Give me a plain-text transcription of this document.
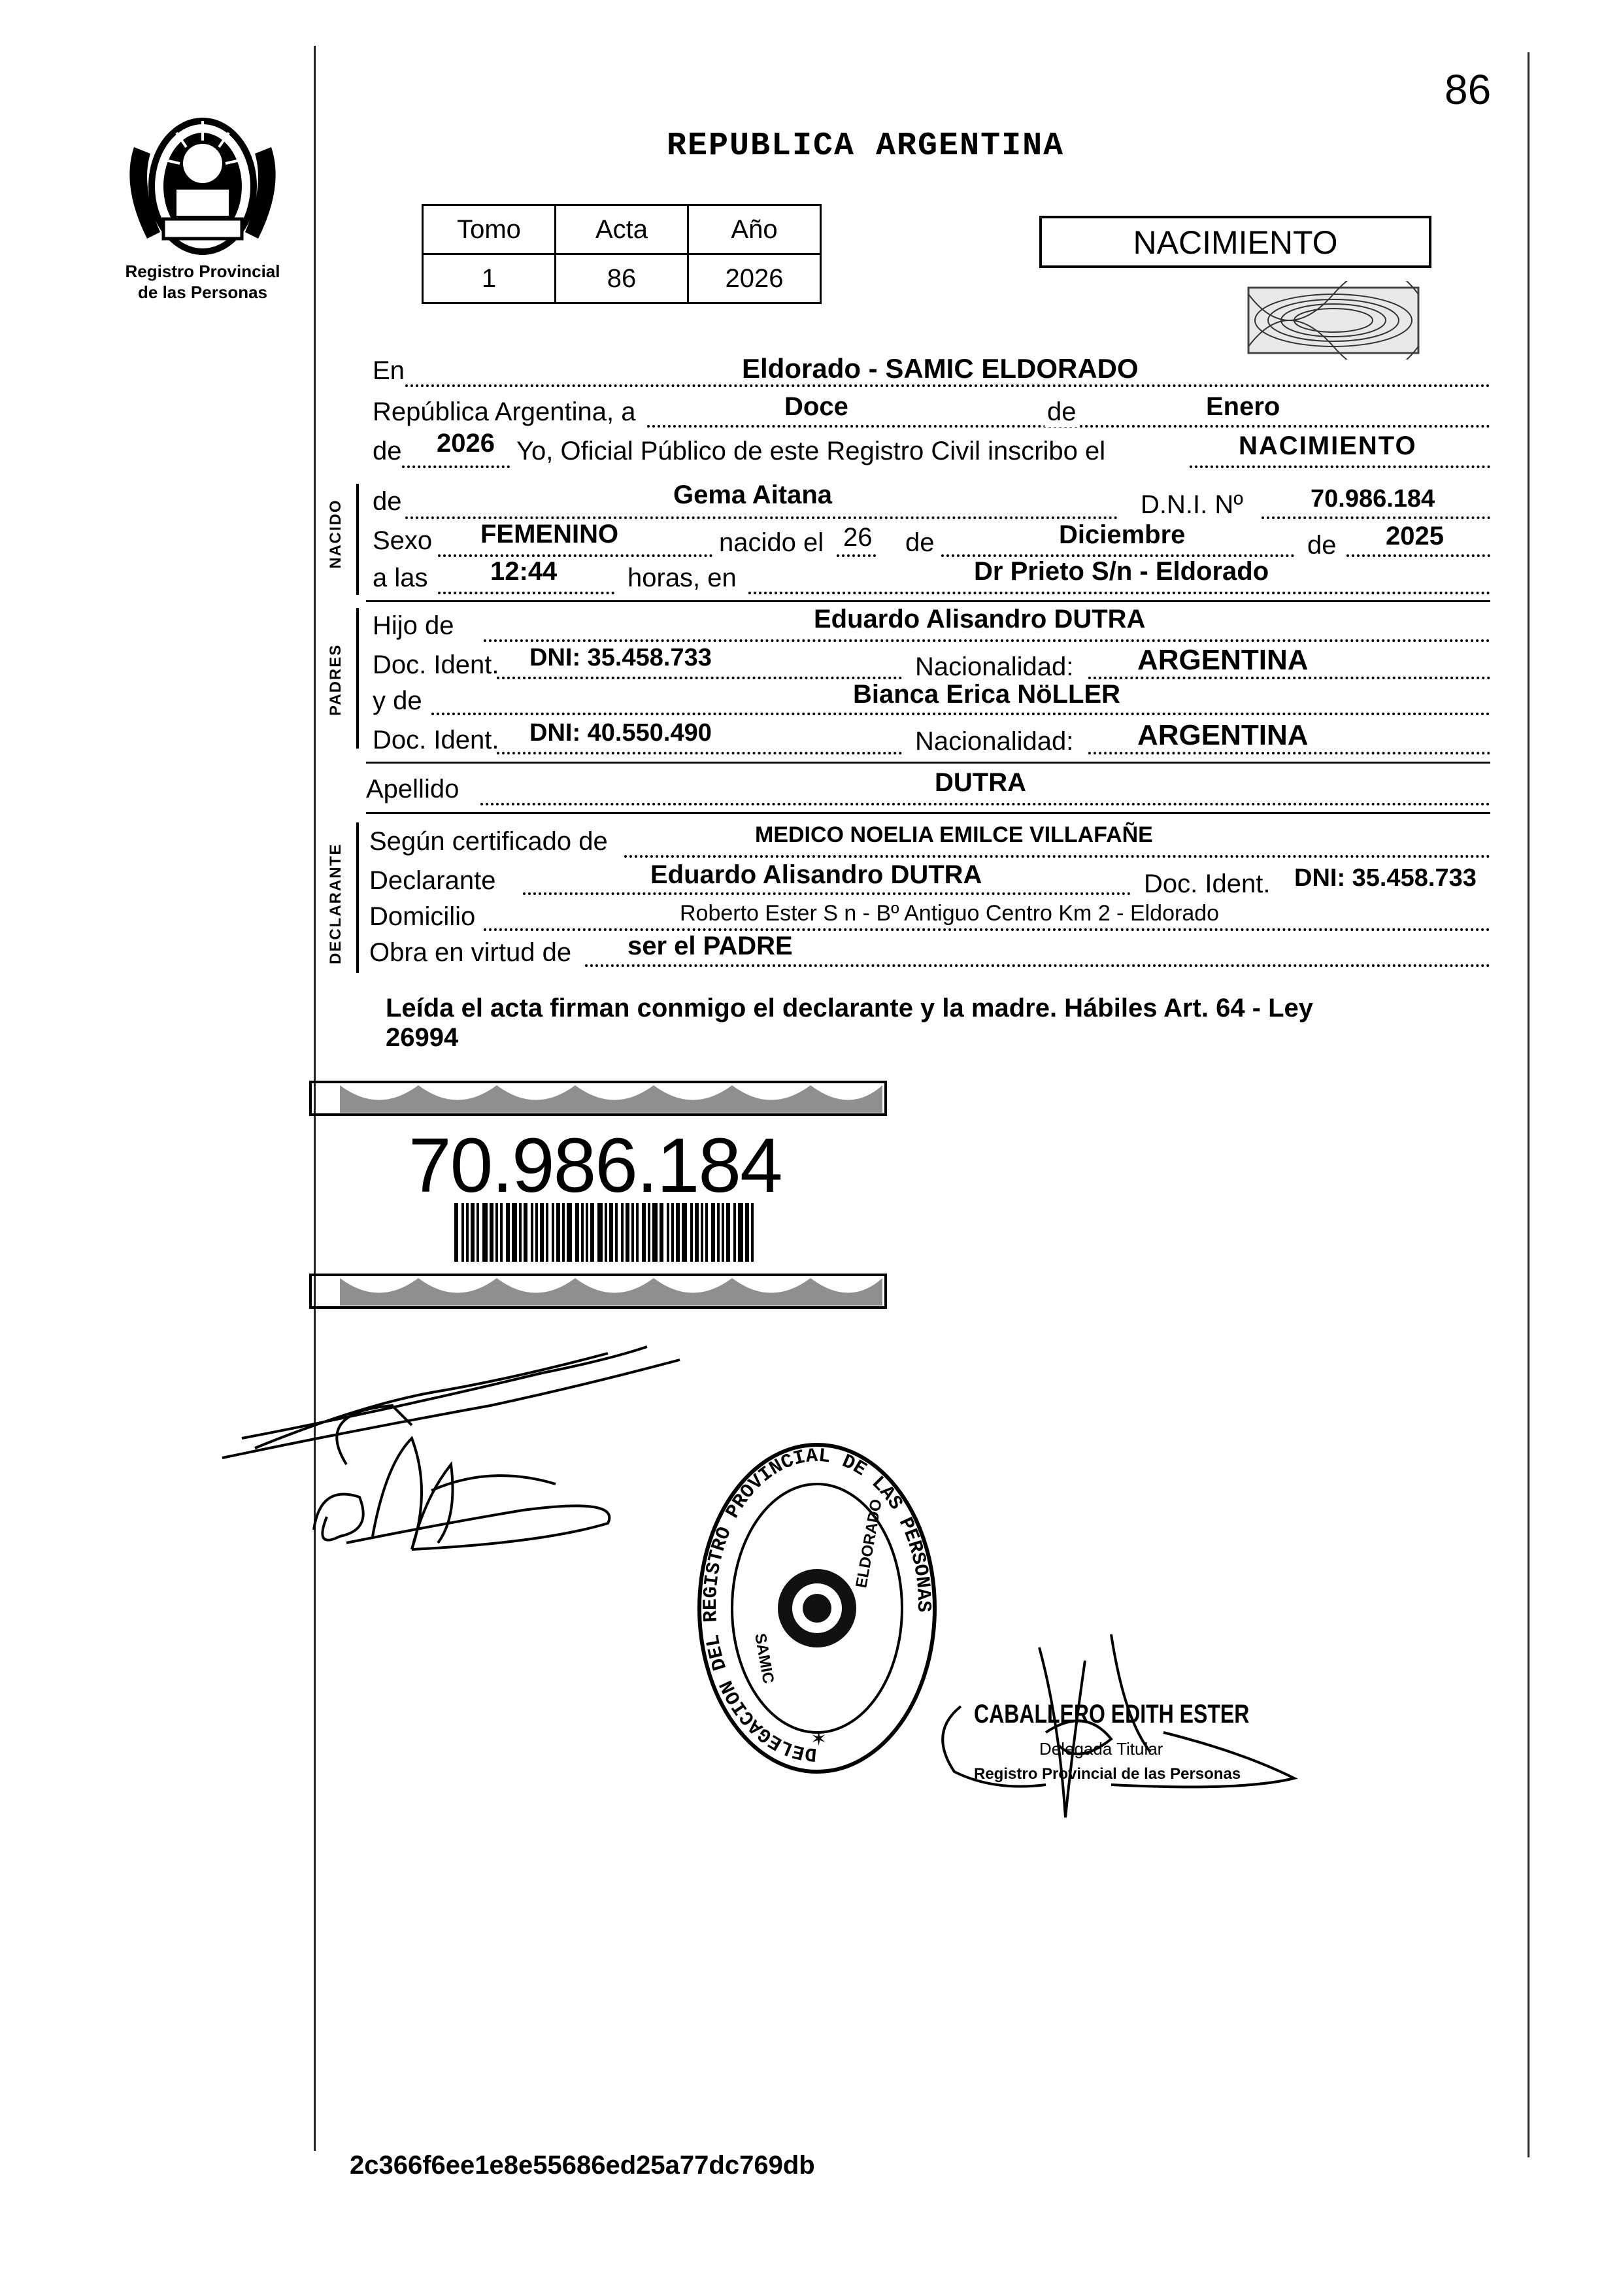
86
Registro Provincial
de las Personas
REPUBLICA ARGENTINA
Tomo	Acta	Año
1	86	2026
NACIMIENTO
En	Eldorado - SAMIC ELDORADO
República Argentina, a	Doce	de	Enero
de 2026 Yo, Oficial Público de este Registro Civil inscribo el	NACIMIENTO
NACIDO de	Gema Aitana	D.N.I. Nº	70.986.184
Sexo FEMENINO	nacido el 26 de	Diciembre	de 2025
a las 12:44	horas, en	Dr Prieto S/n - Eldorado
PADRES
Hijo de	Eduardo Alisandro DUTRA
Doc. Ident. DNI: 35.458.733	Nacionalidad: ARGENTINA
y de	Bianca Erica NöLLER
Doc. Ident. DNI: 40.550.490	Nacionalidad: ARGENTINA
Apellido	DUTRA
DECLARANTE
Según certificado de	MEDICO NOELIA EMILCE VILLAFAÑE
Declarante	Eduardo Alisandro DUTRA	Doc. Ident. DNI: 35.458.733
Domicilio	Roberto Ester S n - Bº Antiguo Centro Km 2 - Eldorado
Obra en virtud de ser el PADRE
Leída el acta firman conmigo el declarante y la madre. Hábiles Art. 64 - Ley
26994
70.986.184
DELEGACION DEL REGISTRO PROVINCIAL DE LAS PERSONAS
SAMIC
ELDORADO
✶
CABALLERO EDITH ESTER
Delegada Titular
Registro Provincial de las Personas
2c366f6ee1e8e55686ed25a77dc769db
